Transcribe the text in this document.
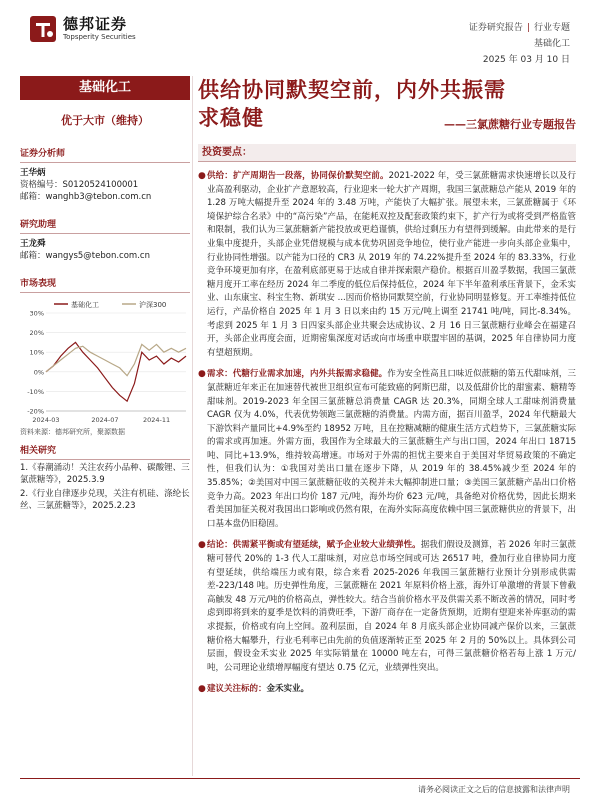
德邦证券
Topsperity Securities
证券研究报告 | 行业专题
基础化工
2025 年 03 月 10 日
基础化工
优于大市（维持）
证券分析师
王华炳
资格编号：S0120524100001
邮箱：wanghb3@tebon.com.cn
研究助理
王龙舜
邮箱：wangys5@tebon.com.cn
市场表现
基础化工	沪深300
30%
20%
10%
0%
-10%
-20%
2024-03	2024-07	2024-11
资料来源：德邦研究所，聚源数据
相关研究
1.《春潮涌动！关注农药小品种、碳酸锂、三氯蔗糖等》，2025.3.9
2.《行业自律逐步兑现，关注有机硅、涤纶长丝、三氯蔗糖等》，2025.2.23
供给协同默契空前，内外共振需
求稳健	——三氯蔗糖行业专题报告
投资要点：
● 供给：扩产周期告一段落，协同保价默契空前。2021-2022 年，受三氯蔗糖需求快速增长以及行业高盈利驱动，企业扩产意愿较高，行业迎来一轮大扩产周期，我国三氯蔗糖总产能从 2019 年的 1.28 万吨大幅提升至 2024 年的 3.48 万吨，产能快了大幅扩张。展望未来，三氯蔗糖属于《环境保护综合名录》中的“高污染”产品，在能耗双控及配套政策约束下，扩产行为或将受到严格监管和限制，我们认为三氯蔗糖新产能投放或更趋谨慎，供给过剩压力有望得到缓解。由此带来的是行业集中度提升，头部企业凭借规模与成本优势巩固竞争地位，使行业产能进一步向头部企业集中，行业协同性增强。以产能为口径的 CR3 从 2019 年的 74.22%提升至 2024 年的 83.33%，行业竞争环境更加有序，在盈利底部更易于达成自律并探索限产稳价。根据百川盈孚数据，我国三氯蔗糖月度开工率在经历 2024 年二季度的低位后保持低位，2024 年下半年盈利承压背景下，金禾实业、山东康宝、科宝生物、新琪安 ...因而价格协同默契空前，行业协同明显修复。开工率维持低位运行，产品价格自 2025 年 1 月 3 日以来由约 15 万元/吨上调至 21741 吨/吨，同比-8.34%。考虑到 2025 年 1 月 3 日四家头部企业共聚会达成协议、2 月 16 日三氯蔗糖行业峰会在福建召开，头部企业再度会面，近期密集深度对话或向市场重申联盟牢固的基调，2025 年自律协同力度有望超预期。
● 需求：代糖行业需求加速，内外共振需求稳健。作为安全性高且口味近似蔗糖的第五代甜味剂，三氯蔗糖近年来正在加速替代被世卫组织宣布可能致癌的阿斯巴甜，以及低甜价比的甜蜜素、糖精等甜味剂。2019-2023 年全国三氯蔗糖总消费量 CAGR 达 20.3%，同期全球人工甜味剂消费量 CAGR 仅为 4.0%，代表优势领跑三氯蔗糖的消费量。内需方面，据百川盈孚，2024 年代糖最大下游饮料产量同比+4.9%至约 18952 万吨，且在控糖减糖的健康生活方式趋势下，三氯蔗糖实际的需求或再加速。外需方面，我国作为全球最大的三氯蔗糖生产与出口国，2024 年出口 18715 吨、同比+13.9%，维持较高增速。市场对于外需的担忧主要来自于美国对华贸易政策的不确定性，但我们认为：①我国对美出口量在逐步下降，从 2019 年的 38.45%减少至 2024 年的 35.85%；②美国对中国三氯蔗糖征收的关税并未大幅抑制进口量；③美国三氯蔗糖产品出口价格竞争力高。2023 年出口均价 187 元/吨，海外均价 623 元/吨，具备绝对价格优势，因此长期来看美国加征关税对我国出口影响或仍然有限，在海外实际高度依赖中国三氯蔗糖供应的背景下，出口基本盘仍旧稳固。
● 结论：供需紧平衡或有望延续，赋予企业较大业绩弹性。据我们假设及测算，若 2026 年时三氯蔗糖可替代 20%的 1-3 代人工甜味剂，对应总市场空间或可达 26517 吨，叠加行业自律协同力度有望延续，供给端压力或有限，综合来看 2025-2026 年我国三氯蔗糖行业预计分别形成供需差-223/148 吨。历史弹性角度，三氯蔗糖在 2021 年原料价格上涨，海外订单激增的背景下曾截高触发 48 万元/吨的价格高点，弹性较大。结合当前价格水平及供需关系不断改善的情况，同时考虑到即将到来的夏季是饮料的消费旺季，下游厂商存在一定备货预期，近期有望迎来补库驱动的需求提振，价格或有向上空间。盈利层面，自 2024 年 8 月底头部企业协同减产保价以来，三氯蔗糖价格大幅攀升，行业毛利率已由先前的负值逐渐转正至 2025 年 2 月的 50%以上。具体到公司层面，假设金禾实业 2025 年实际销量在 10000 吨左右，可得三氯蔗糖价格若每上涨 1 万元/吨，公司理论业绩增厚幅度有望达 0.75 亿元，业绩弹性突出。
● 建议关注标的：金禾实业。
请务必阅读正文之后的信息披露和法律声明
